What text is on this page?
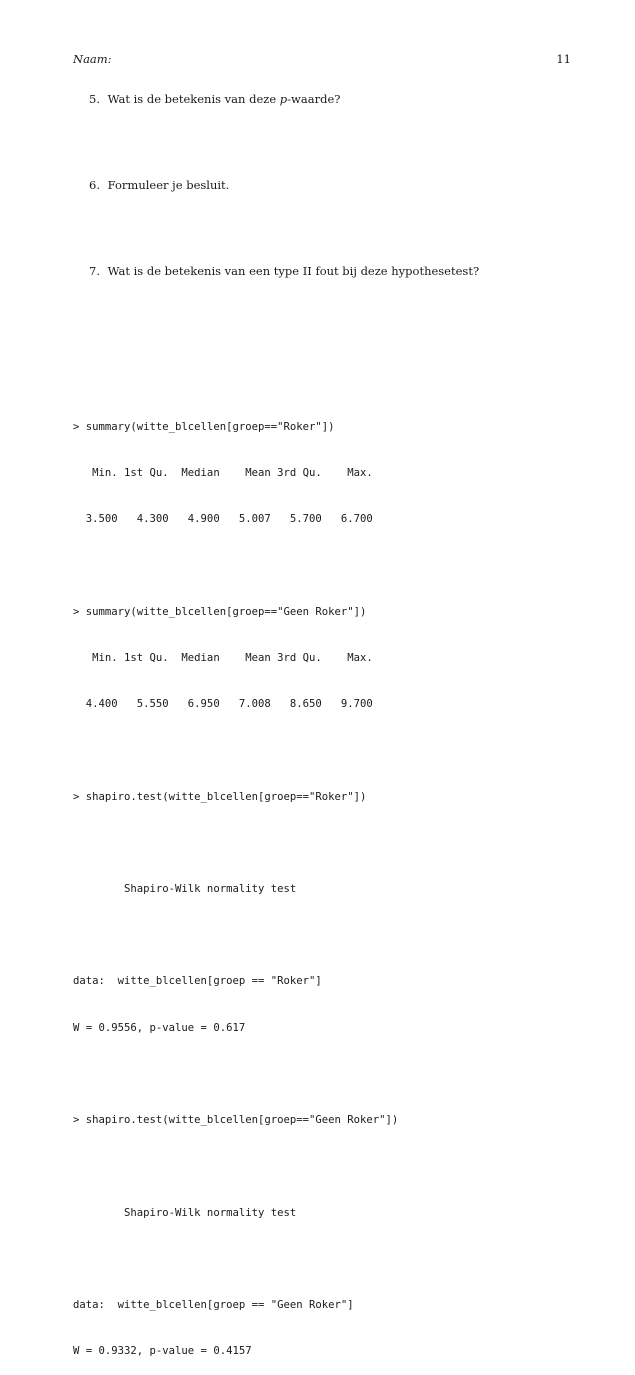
Naam:	11
5. Wat is de betekenis van deze p-waarde?
6. Formuleer je besluit.
7. Wat is de betekenis van een type II fout bij deze hypothesetest?

> summary(witte_blcellen[groep=="Roker"])

Min. 1st Qu.  Median    Mean 3rd Qu.    Max.

3.500   4.300   4.900   5.007   5.700   6.700

> summary(witte_blcellen[groep=="Geen Roker"])

Min. 1st Qu.  Median    Mean 3rd Qu.    Max.

4.400   5.550   6.950   7.008   8.650   9.700

> shapiro.test(witte_blcellen[groep=="Roker"])

Shapiro-Wilk normality test

data:  witte_blcellen[groep == "Roker"]

W = 0.9556, p-value = 0.617

> shapiro.test(witte_blcellen[groep=="Geen Roker"])

Shapiro-Wilk normality test

data:  witte_blcellen[groep == "Geen Roker"]

W = 0.9332, p-value = 0.4157
